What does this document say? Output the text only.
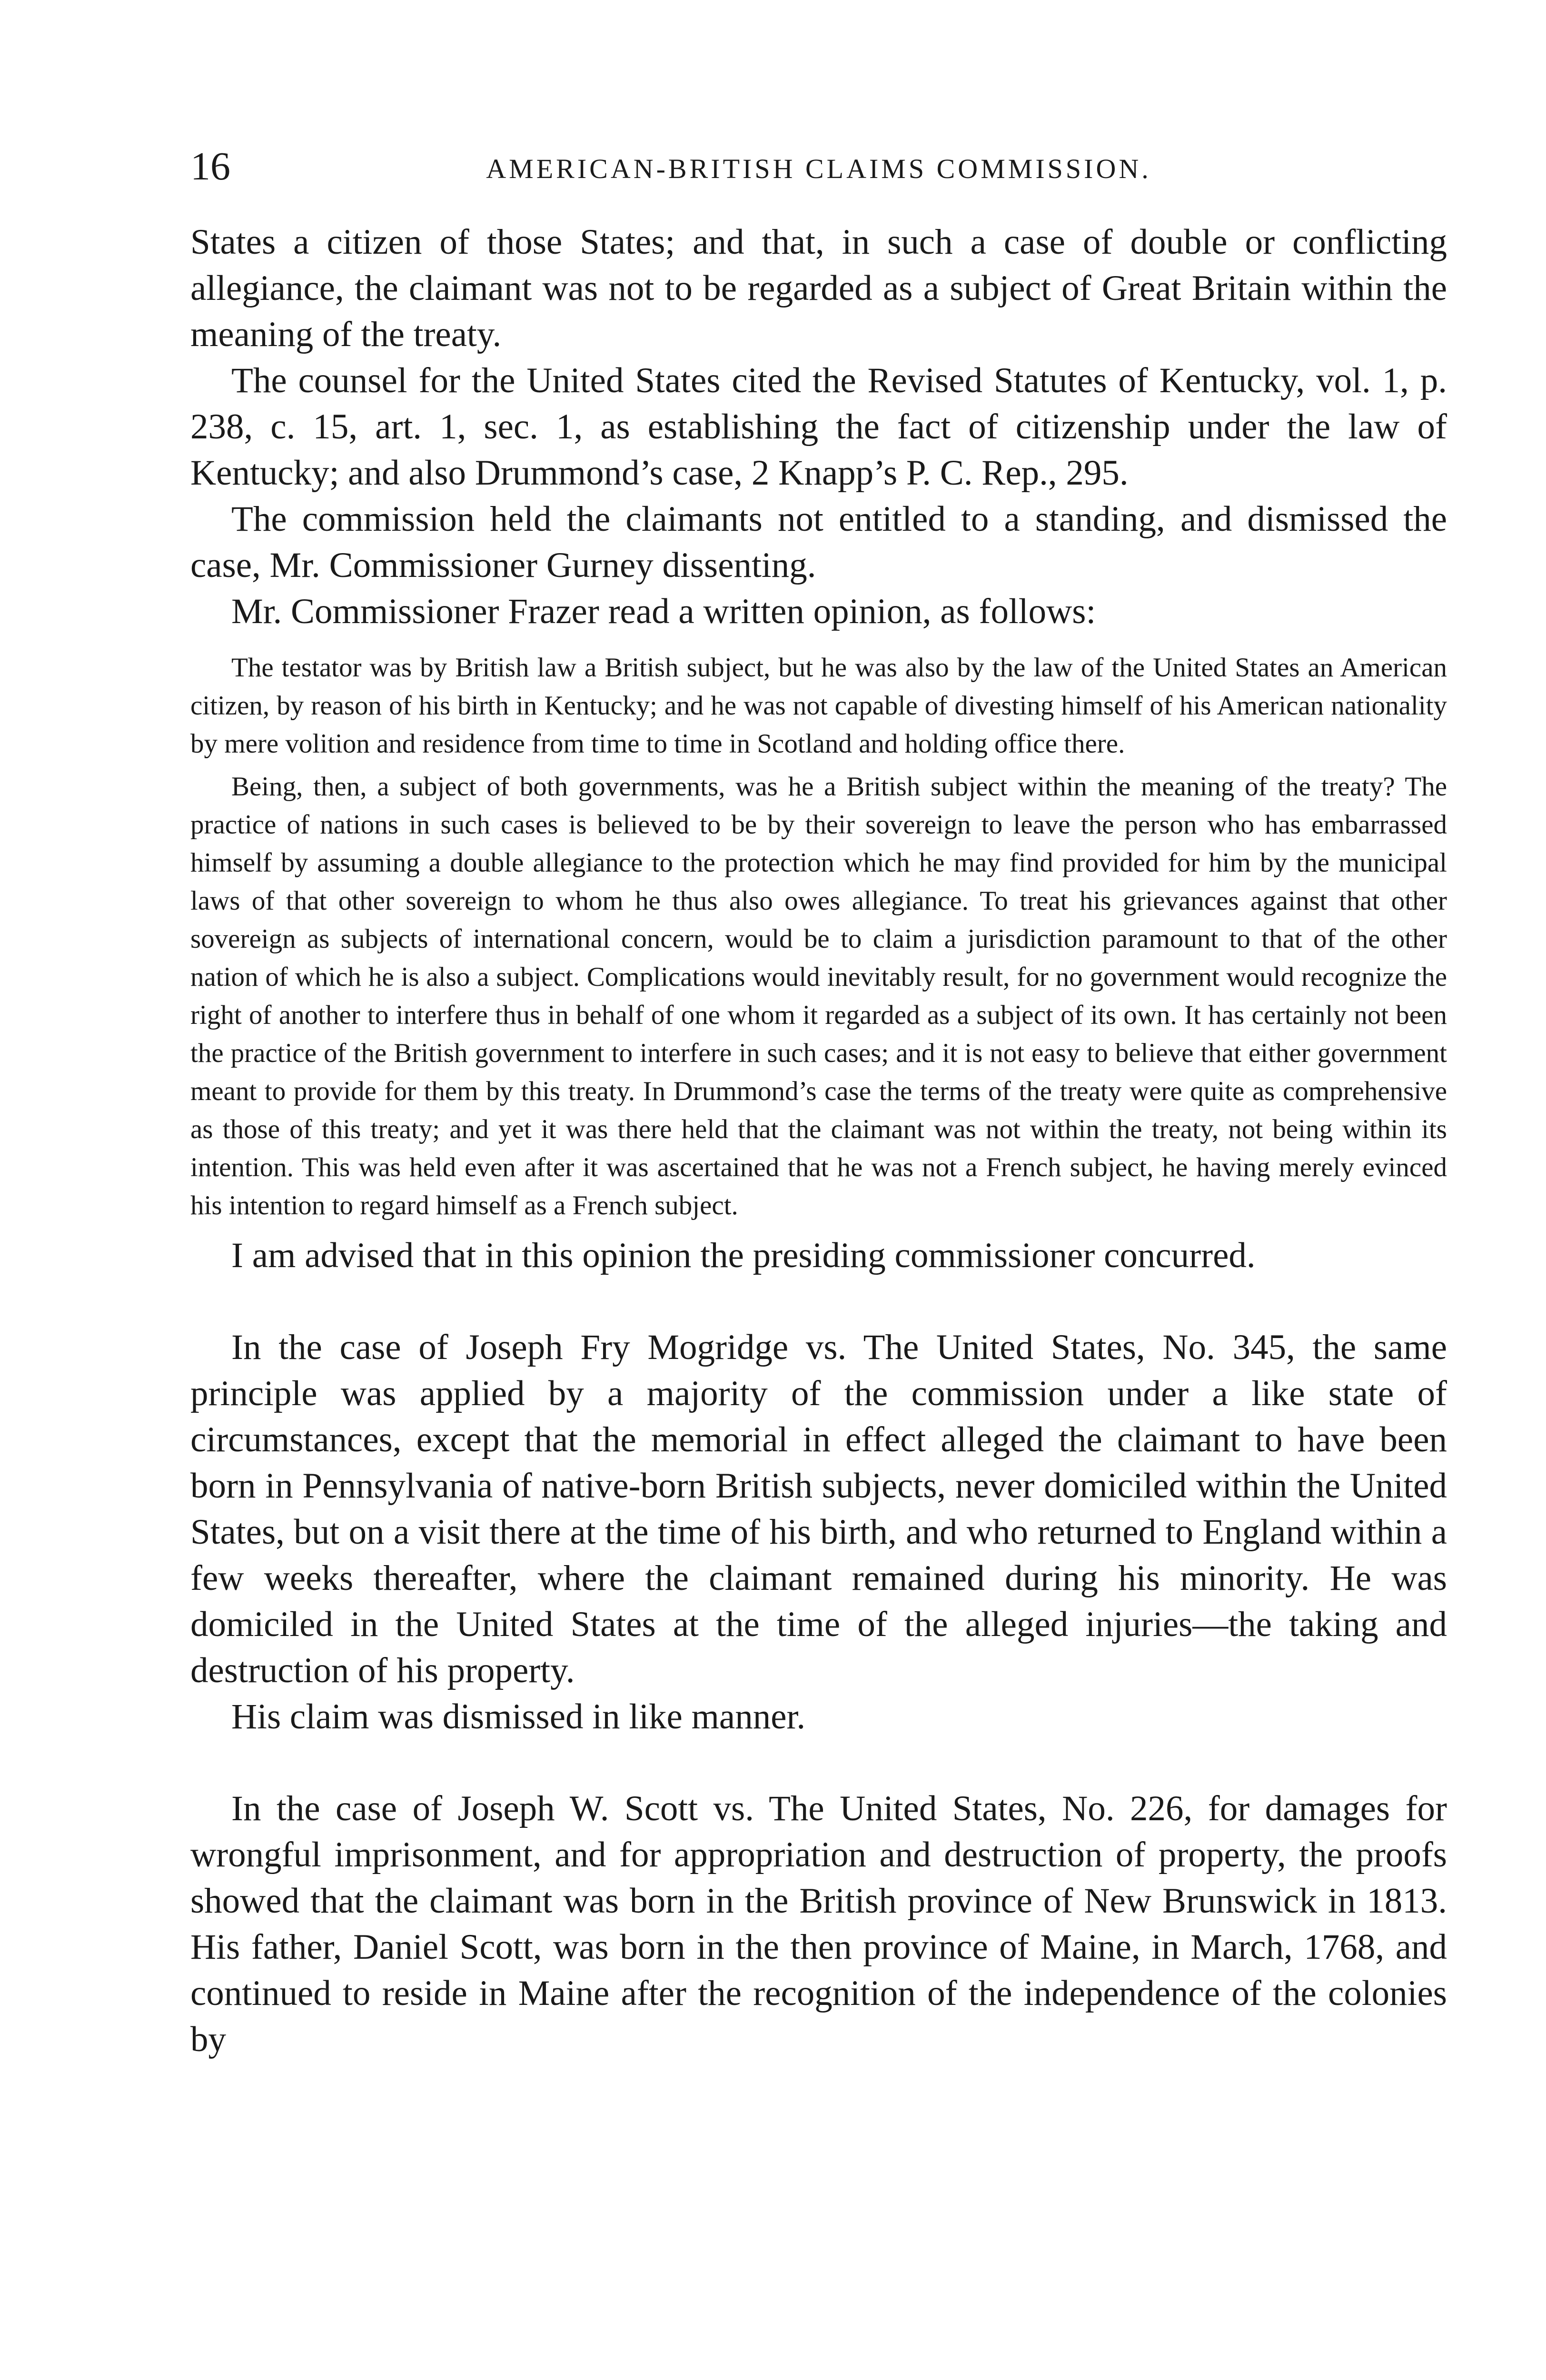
16	AMERICAN-BRITISH CLAIMS COMMISSION.

States a citizen of those States; and that, in such a case of double or conflicting allegiance, the claimant was not to be regarded as a subject of Great Britain within the meaning of the treaty.

The counsel for the United States cited the Revised Statutes of Kentucky, vol. 1, p. 238, c. 15, art. 1, sec. 1, as establishing the fact of citizenship under the law of Kentucky; and also Drummond’s case, 2 Knapp’s P. C. Rep., 295.

The commission held the claimants not entitled to a standing, and dismissed the case, Mr. Commissioner Gurney dissenting.

Mr. Commissioner Frazer read a written opinion, as follows:

The testator was by British law a British subject, but he was also by the law of the United States an American citizen, by reason of his birth in Kentucky; and he was not capable of divesting himself of his American nationality by mere volition and residence from time to time in Scotland and holding office there.

Being, then, a subject of both governments, was he a British subject within the meaning of the treaty? The practice of nations in such cases is believed to be by their sovereign to leave the person who has embarrassed himself by assuming a double allegiance to the protection which he may find provided for him by the municipal laws of that other sovereign to whom he thus also owes allegiance. To treat his grievances against that other sovereign as subjects of international concern, would be to claim a jurisdiction paramount to that of the other nation of which he is also a subject. Complications would inevitably result, for no government would recognize the right of another to interfere thus in behalf of one whom it regarded as a subject of its own. It has certainly not been the practice of the British government to interfere in such cases; and it is not easy to believe that either government meant to provide for them by this treaty. In Drummond’s case the terms of the treaty were quite as comprehensive as those of this treaty; and yet it was there held that the claimant was not within the treaty, not being within its intention. This was held even after it was ascertained that he was not a French subject, he having merely evinced his intention to regard himself as a French subject.

I am advised that in this opinion the presiding commissioner concurred.

In the case of Joseph Fry Mogridge vs. The United States, No. 345, the same principle was applied by a majority of the commission under a like state of circumstances, except that the memorial in effect alleged the claimant to have been born in Pennsylvania of native-born British subjects, never domiciled within the United States, but on a visit there at the time of his birth, and who returned to England within a few weeks thereafter, where the claimant remained during his minority. He was domiciled in the United States at the time of the alleged injuries—the taking and destruction of his property.

His claim was dismissed in like manner.

In the case of Joseph W. Scott vs. The United States, No. 226, for damages for wrongful imprisonment, and for appropriation and destruction of property, the proofs showed that the claimant was born in the British province of New Brunswick in 1813. His father, Daniel Scott, was born in the then province of Maine, in March, 1768, and continued to reside in Maine after the recognition of the independence of the colonies by
